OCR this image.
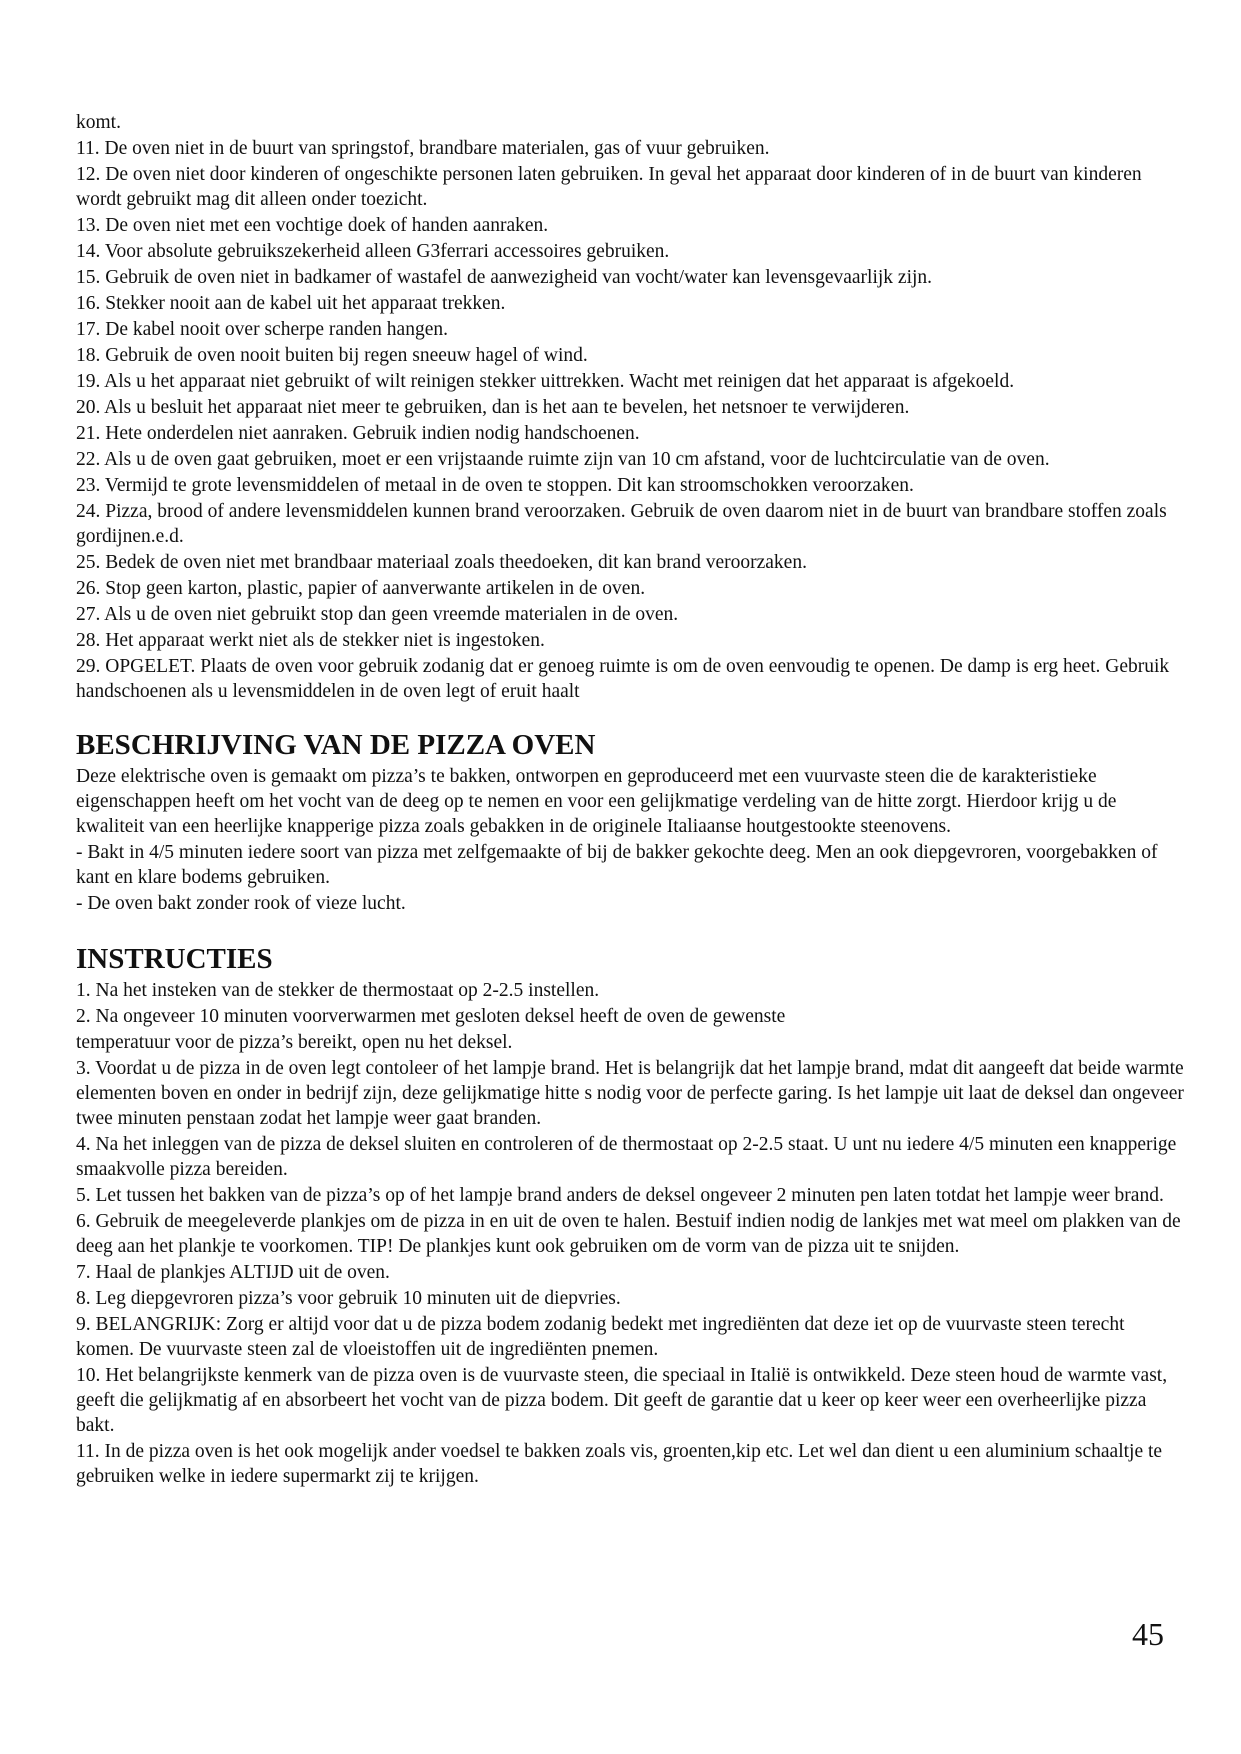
komt.

11. De oven niet in de buurt van springstof, brandbare materialen, gas of vuur gebruiken.

12. De oven niet door kinderen of ongeschikte personen laten gebruiken. In geval het apparaat door kinderen of in de buurt van kinderen wordt gebruikt mag dit alleen onder toezicht.

13. De oven niet met een vochtige doek of handen aanraken.

14. Voor absolute gebruikszekerheid alleen G3ferrari accessoires gebruiken.

15. Gebruik de oven niet in badkamer of wastafel de aanwezigheid van vocht/water kan levensgevaarlijk zijn.

16. Stekker nooit aan de kabel uit het apparaat trekken.

17. De kabel nooit over scherpe randen hangen.

18. Gebruik de oven nooit buiten bij regen sneeuw hagel of wind.

19. Als u het apparaat niet gebruikt of wilt reinigen stekker uittrekken. Wacht met reinigen dat het apparaat is afgekoeld.

20. Als u besluit het apparaat niet meer te gebruiken, dan is het aan te bevelen, het netsnoer te verwijderen.

21. Hete onderdelen niet aanraken. Gebruik indien nodig handschoenen.

22. Als u de oven gaat gebruiken, moet er een vrijstaande ruimte zijn van 10 cm afstand, voor de luchtcirculatie van de oven.

23. Vermijd te grote levensmiddelen of metaal in de oven te stoppen. Dit kan stroomschokken veroorzaken.

24. Pizza, brood of andere levensmiddelen kunnen brand veroorzaken. Gebruik de oven daarom niet in de buurt van brandbare stoffen zoals gordijnen.e.d.

25. Bedek de oven niet met brandbaar materiaal zoals theedoeken, dit kan brand veroorzaken.

26. Stop geen karton, plastic, papier of aanverwante artikelen in de oven.

27. Als u de oven niet gebruikt stop dan geen vreemde materialen in de oven.

28. Het apparaat werkt niet als de stekker niet is ingestoken.

29. OPGELET. Plaats de oven voor gebruik zodanig dat er genoeg ruimte is om de oven eenvoudig te openen. De damp is erg heet. Gebruik handschoenen als u levensmiddelen in de oven legt of eruit haalt

BESCHRIJVING VAN DE PIZZA OVEN

Deze elektrische oven is gemaakt om pizza’s te bakken, ontworpen en geproduceerd met een vuurvaste steen die de karakteristieke eigenschappen heeft om het vocht van de deeg op te nemen en voor een gelijkmatige verdeling van de hitte zorgt. Hierdoor krijg u de kwaliteit van een heerlijke knapperige pizza zoals gebakken in de originele Italiaanse houtgestookte steenovens.

- Bakt in 4/5 minuten iedere soort van pizza met zelfgemaakte of bij de bakker gekochte deeg. Men an ook diepgevroren, voorgebakken of kant en klare bodems gebruiken.

- De oven bakt zonder rook of vieze lucht.

INSTRUCTIES

1. Na het insteken van de stekker de thermostaat op 2-2.5 instellen.

2. Na ongeveer 10 minuten voorverwarmen met gesloten deksel heeft de oven de gewenste

temperatuur voor de pizza’s bereikt, open nu het deksel.

3. Voordat u de pizza in de oven legt contoleer of het lampje brand. Het is belangrijk dat het lampje brand, mdat dit aangeeft dat beide warmte elementen boven en onder in bedrijf zijn, deze gelijkmatige hitte s nodig voor de perfecte garing. Is het lampje uit laat de deksel dan ongeveer twee minuten penstaan zodat het lampje weer gaat branden.

4. Na het inleggen van de pizza de deksel sluiten en controleren of de thermostaat op 2-2.5 staat. U unt nu iedere 4/5 minuten een knapperige smaakvolle pizza bereiden.

5. Let tussen het bakken van de pizza’s op of het lampje brand anders de deksel ongeveer 2 minuten pen laten totdat het lampje weer brand.

6. Gebruik de meegeleverde plankjes om de pizza in en uit de oven te halen. Bestuif indien nodig de lankjes met wat meel om plakken van de deeg aan het plankje te voorkomen. TIP! De plankjes kunt ook gebruiken om de vorm van de pizza uit te snijden.

7. Haal de plankjes ALTIJD uit de oven.

8. Leg diepgevroren pizza’s voor gebruik 10 minuten uit de diepvries.

9. BELANGRIJK: Zorg er altijd voor dat u de pizza bodem zodanig bedekt met ingrediënten dat deze iet op de vuurvaste steen terecht komen. De vuurvaste steen zal de vloeistoffen uit de ingrediënten pnemen.

10. Het belangrijkste kenmerk van de pizza oven is de vuurvaste steen, die speciaal in Italië is ontwikkeld. Deze steen houd de warmte vast, geeft die gelijkmatig af en absorbeert het vocht van de pizza bodem. Dit geeft de garantie dat u keer op keer weer een overheerlijke pizza bakt.

11. In de pizza oven is het ook mogelijk ander voedsel te bakken zoals vis, groenten,kip etc. Let wel dan dient u een aluminium schaaltje te gebruiken welke in iedere supermarkt zij te krijgen.

45
